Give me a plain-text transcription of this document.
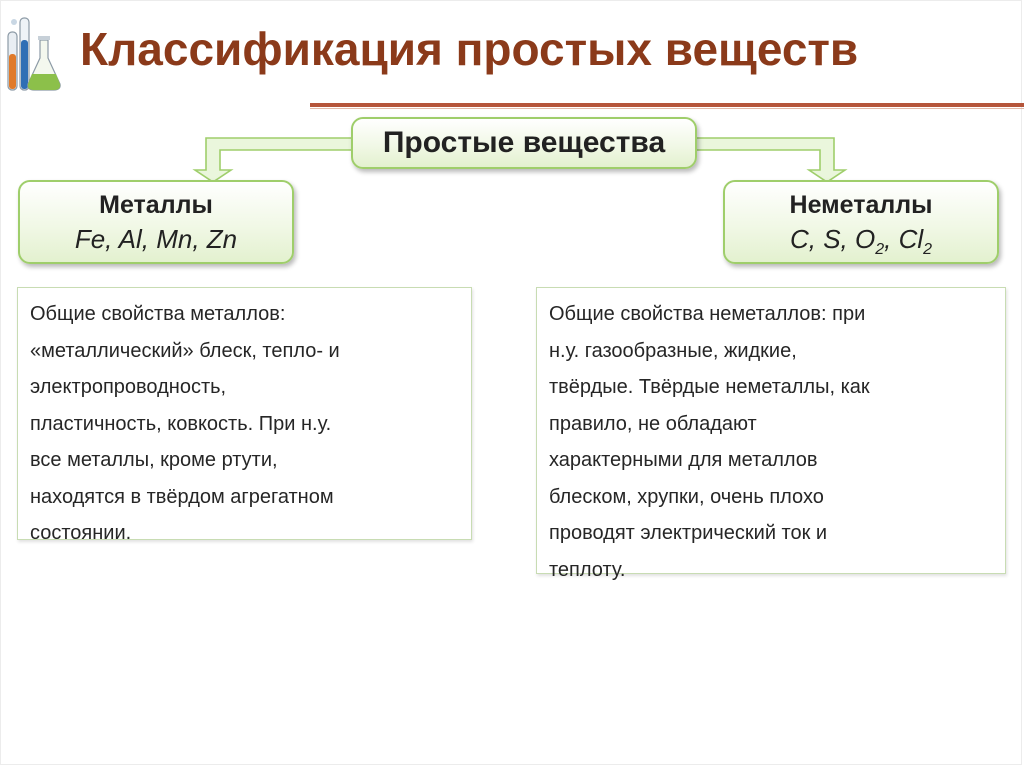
Классификация простых веществ
Простые вещества
Металлы
Fe, Al, Mn, Zn
Неметаллы
C, S, $O_2$, $Cl_2$
Общие свойства металлов:
«металлический» блеск, тепло- и
электропроводность,
пластичность, ковкость. При н.у.
все металлы, кроме ртути,
находятся в твёрдом агрегатном
состоянии.
Общие свойства неметаллов: при
н.у. газообразные, жидкие,
твёрдые. Твёрдые неметаллы, как
правило, не обладают
характерными для металлов
блеском, хрупки, очень плохо
проводят электрический ток и
теплоту.
